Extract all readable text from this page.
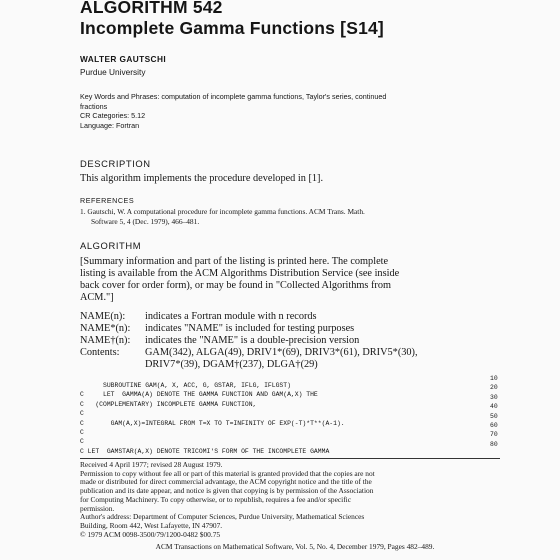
ALGORITHM 542
Incomplete Gamma Functions [S14]
WALTER GAUTSCHI
Purdue University
Key Words and Phrases: computation of incomplete gamma functions, Taylor's series, continued
fractions
CR Categories: 5.12
Language: Fortran
DESCRIPTION
This algorithm implements the procedure developed in [1].
REFERENCES
1. Gautschi, W. A computational procedure for incomplete gamma functions. ACM Trans. Math.
Software 5, 4 (Dec. 1979), 466–481.
ALGORITHM
[Summary information and part of the listing is printed here. The complete
listing is available from the ACM Algorithms Distribution Service (see inside
back cover for order form), or may be found in "Collected Algorithms from
ACM."]
NAME(n): indicates a Fortran module with n records
NAME*(n): indicates "NAME" is included for testing purposes
NAME†(n): indicates the "NAME" is a double-precision version
Contents: GAM(342), ALGA(49), DRIV1*(69), DRIV3*(61), DRIV5*(30),
DRIV7*(39), DGAM†(237), DLGA†(29)
SUBROUTINE GAM(A, X, ACC, G, GSTAR, IFLG, IFLGST)
10
C     LET  GAMMA(A) DENOTE THE GAMMA FUNCTION AND GAM(A,X) THE
20
C   (COMPLEMENTARY) INCOMPLETE GAMMA FUNCTION,
30
C
40
C       GAM(A,X)=INTEGRAL FROM T=X TO T=INFINITY OF EXP(-T)*T**(A-1).
50
C
60
C
70
C LET  GAMSTAR(A,X) DENOTE TRICOMI'S FORM OF THE INCOMPLETE GAMMA
80
Received 4 April 1977; revised 28 August 1979.
Permission to copy without fee all or part of this material is granted provided that the copies are not
made or distributed for direct commercial advantage, the ACM copyright notice and the title of the
publication and its date appear, and notice is given that copying is by permission of the Association
for Computing Machinery. To copy otherwise, or to republish, requires a fee and/or specific
permission.
Author's address: Department of Computer Sciences, Purdue University, Mathematical Sciences
Building, Room 442, West Lafayette, IN 47907.
© 1979 ACM 0098-3500/79/1200-0482 $00.75
ACM Transactions on Mathematical Software, Vol. 5, No. 4, December 1979, Pages 482–489.
